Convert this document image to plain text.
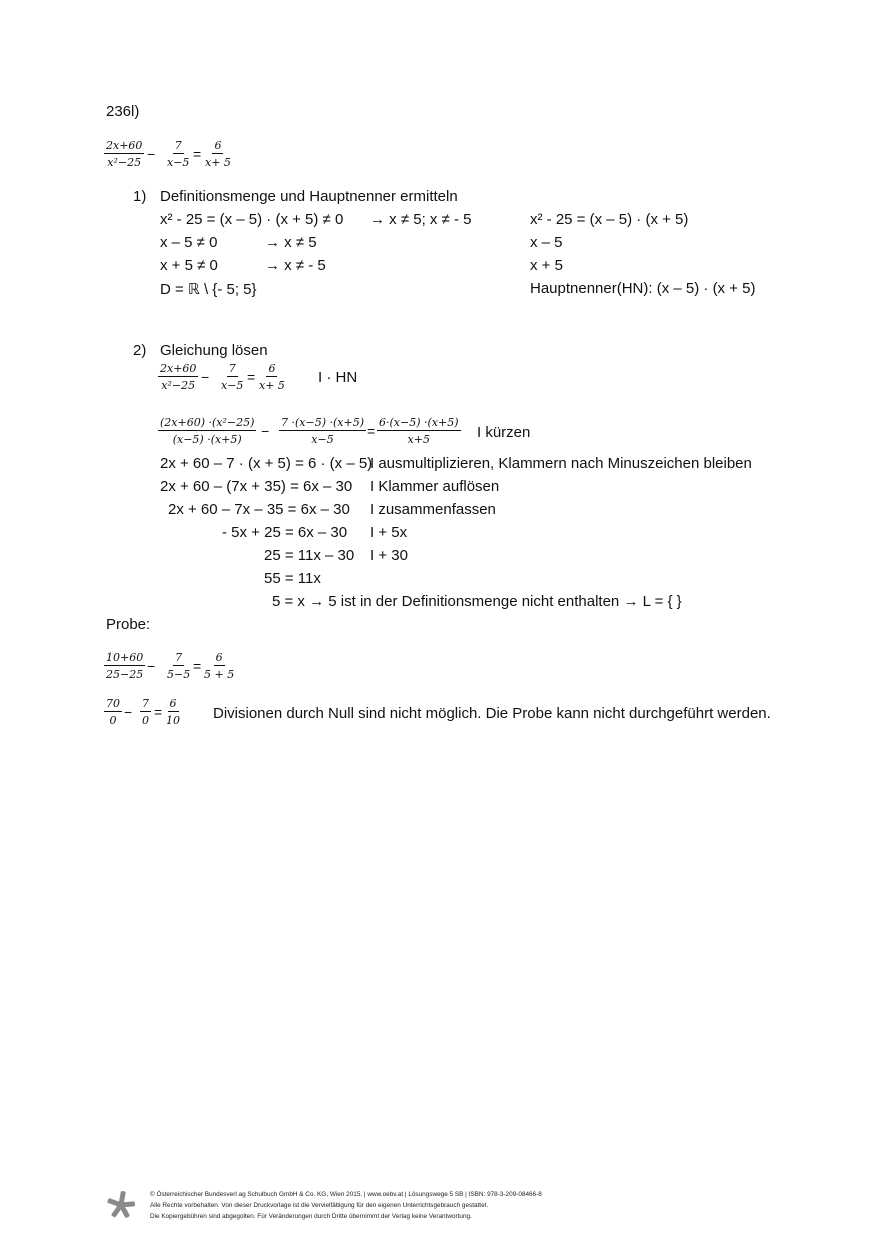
236l)
$\frac{2x+60}{\text{x²−25}} - \frac{7}{x-5} = \frac{6}{x+ 5}$
1) Definitionsmenge und Hauptnenner ermitteln
x² - 25 = (x – 5) · (x + 5) ≠ 0 → x ≠ 5; x ≠ - 5	x² - 25 = (x – 5) · (x + 5)
x – 5 ≠ 0	→ x ≠ 5	x – 5
x + 5 ≠ 0	→ x ≠ - 5	x + 5
D = ℝ \ {- 5; 5}	Hauptnenner(HN): (x – 5) · (x + 5)
2) Gleichung lösen
$\frac{2x+60}{\text{x²−25}} - \frac{7}{x-5} = \frac{6}{x+ 5}$ I · HN
$\frac{\text{(2x+60) ·(x²−25)}}{(x-5) \cdot(x+5)} - \frac{7 \cdot(x-5) \cdot(x+5)}{x-5} = \frac{6\cdot(x-5) \cdot(x+5)}{x+5}$ I kürzen
2x + 60 – 7 · (x + 5) = 6 · (x – 5)
I ausmultiplizieren, Klammern nach Minuszeichen bleiben
2x + 60 – (7x + 35) = 6x – 30 I Klammer auflösen
2x + 60 – 7x – 35 = 6x – 30 I zusammenfassen
- 5x + 25 = 6x – 30 I + 5x
25 = 11x – 30 I + 30
55 = 11x
5 = x → 5 ist in der Definitionsmenge nicht enthalten → L = { }
Probe:
$\frac{10+60}{25-25} - \frac{7}{5-5} = \frac{6}{5 + 5}$
$\frac{70}{0} - \frac{7}{0} = \frac{6}{10}$ Divisionen durch Null sind nicht möglich. Die Probe kann nicht durchgeführt werden.
© Österreichischer Bundesverl ag Schulbuch GmbH & Co. KG, Wien 2015. | www.oebv.at | Lösungswege 5 SB | ISBN: 978-3-209-08466-8
Alle Rechte vorbehalten. Von dieser Druckvorlage ist die Vervielfältigung für den eigenen Unterrichtsgebrauch gestattet.
Die Kopiergebühren sind abgegolten. Für Veränderungen durch Dritte übernimmt der Verlag keine Verantwortung.
